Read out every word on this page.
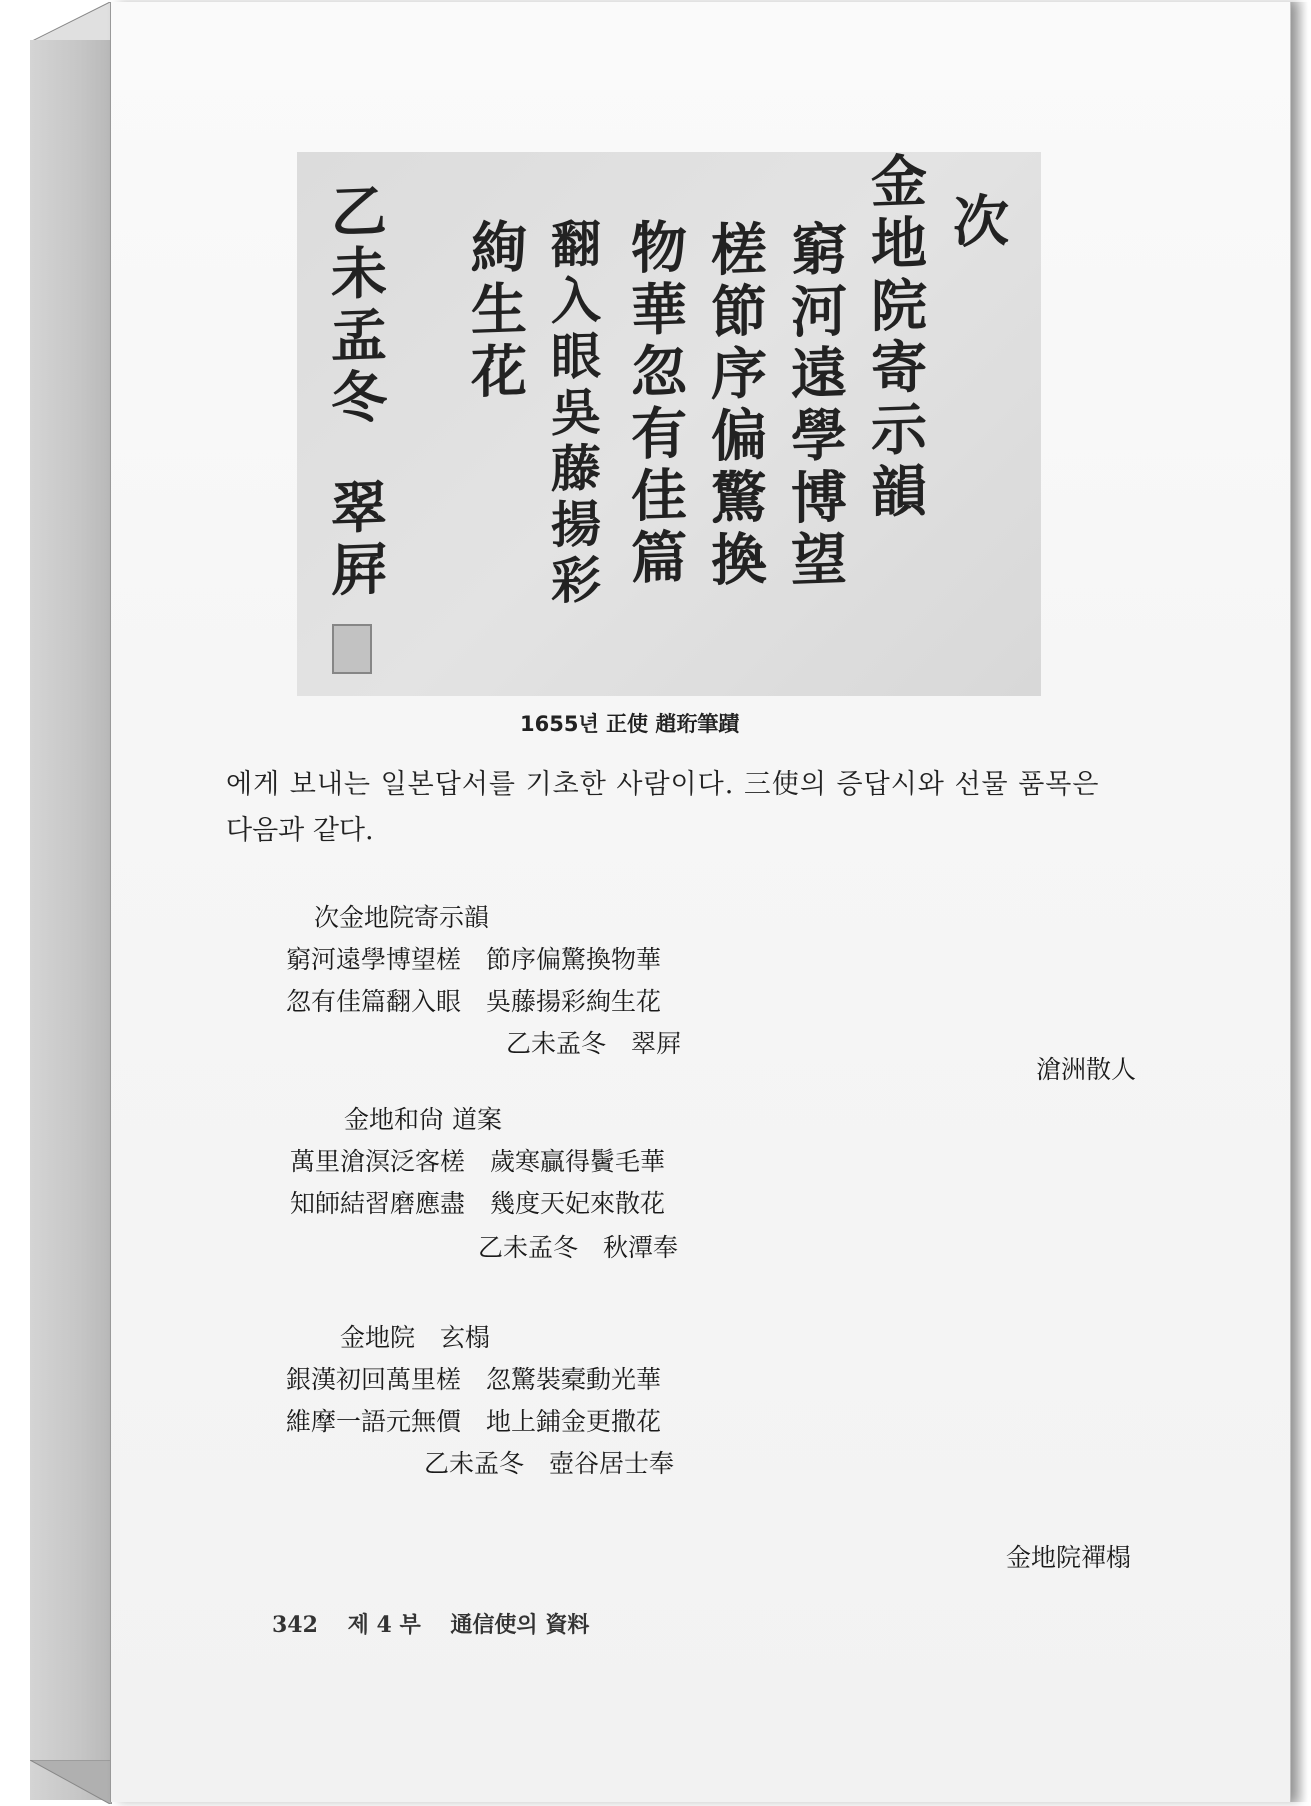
次
金地院寄示韻
窮河遠學博望
槎節序偏驚換
物華忽有佳篇
翻入眼吳藤揚彩
絢生花
乙未孟冬
翠屛
1655년 正使 趙珩筆蹟
에게 보내는 일본답서를 기초한 사람이다. 三使의 증답시와 선물 품목은
다음과 같다.
次金地院寄示韻
窮河遠學博望槎　節序偏驚換物華
忽有佳篇翻入眼　吳藤揚彩絢生花
乙未孟冬　翠屛
滄洲散人
金地和尙 道案
萬里滄溟泛客槎　歲寒贏得鬢毛華
知師結習磨應盡　幾度天妃來散花
乙未孟冬　秋潭奉
金地院　玄榻
銀漢初回萬里槎　忽驚裝槖動光華
維摩一語元無價　地上鋪金更撒花
乙未孟冬　壺谷居士奉
金地院禪榻
342 제 4 부 通信使의 資料
